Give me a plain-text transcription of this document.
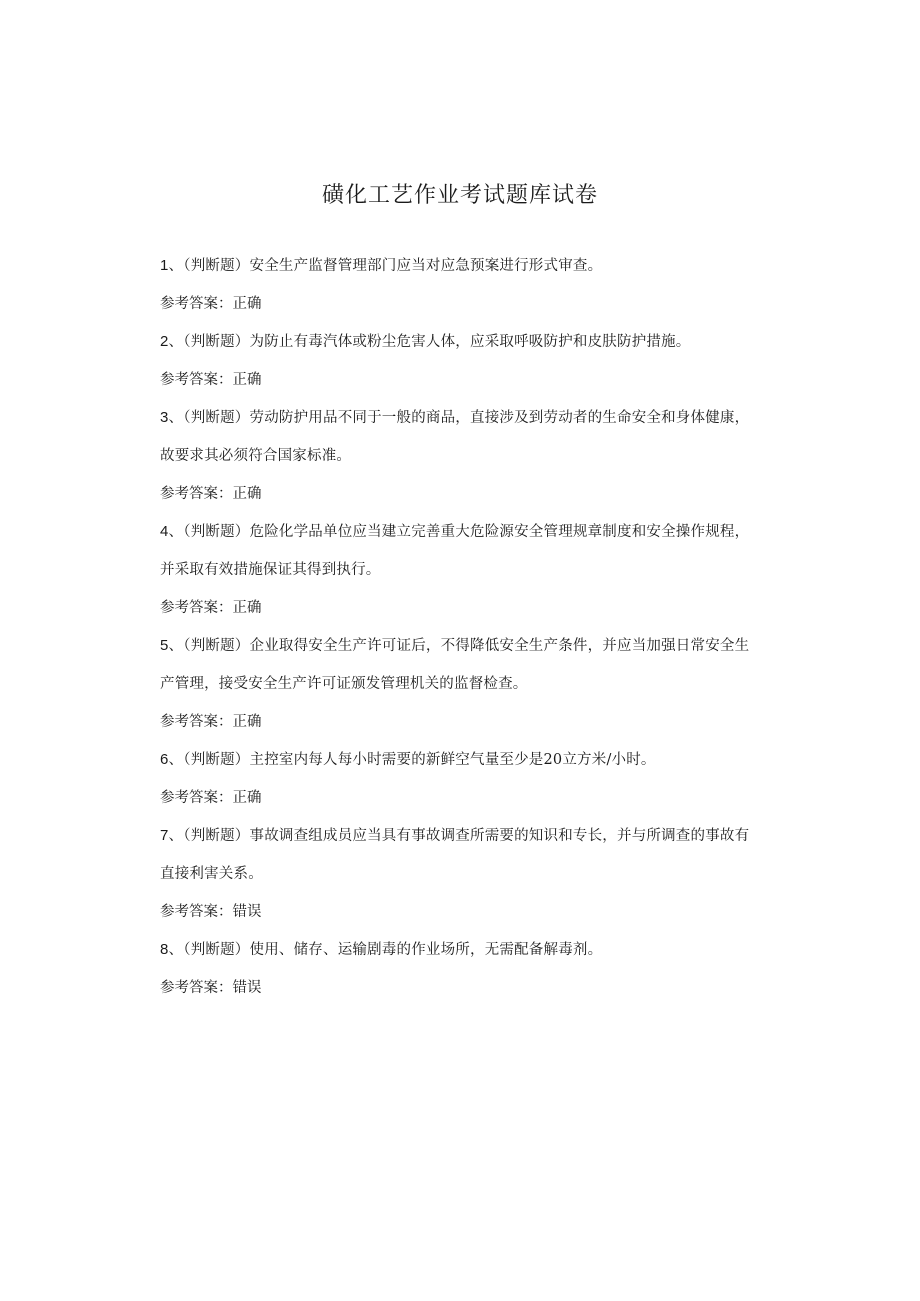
磺化工艺作业考试题库试卷
1、（判断题）安全生产监督管理部门应当对应急预案进行形式审查。
参考答案：正确
2、（判断题）为防止有毒汽体或粉尘危害人体，应采取呼吸防护和皮肤防护措施。
参考答案：正确
3、（判断题）劳动防护用品不同于一般的商品，直接涉及到劳动者的生命安全和身体健康，故要求其必须符合国家标准。
参考答案：正确
4、（判断题）危险化学品单位应当建立完善重大危险源安全管理规章制度和安全操作规程，并采取有效措施保证其得到执行。
参考答案：正确
5、（判断题）企业取得安全生产许可证后，不得降低安全生产条件，并应当加强日常安全生产管理，接受安全生产许可证颁发管理机关的监督检查。
参考答案：正确
6、（判断题）主控室内每人每小时需要的新鲜空气量至少是20立方米/小时。
参考答案：正确
7、（判断题）事故调查组成员应当具有事故调查所需要的知识和专长，并与所调查的事故有直接利害关系。
参考答案：错误
8、（判断题）使用、储存、运输剧毒的作业场所，无需配备解毒剂。
参考答案：错误
